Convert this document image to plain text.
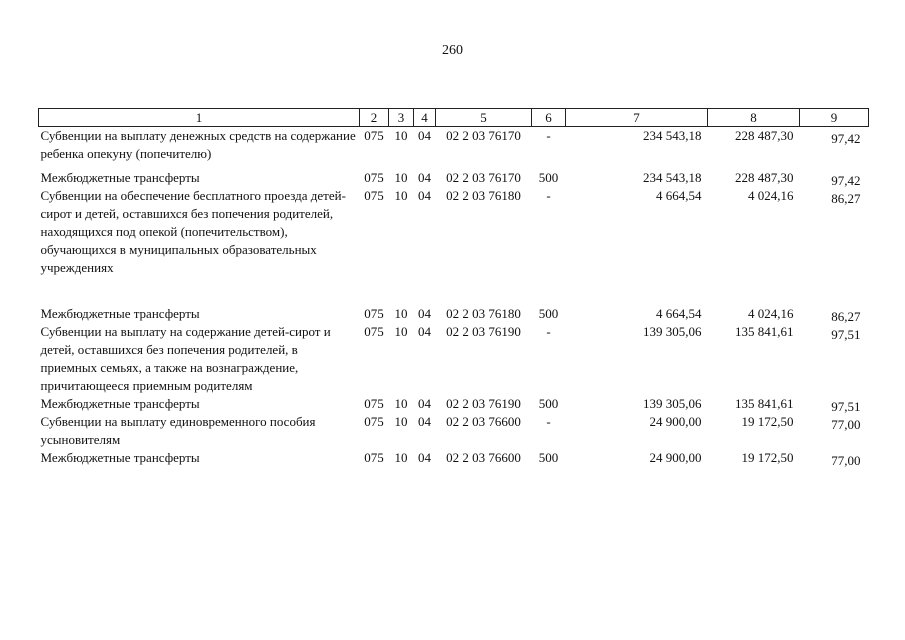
260
1	2	3	4	5	6	7	8	9
Субвенции на выплату денежных средств на содержание ребенка опекуну (попечителю)	075	10	04	02 2 03 76170	-	234 543,18	228 487,30	97,42
Межбюджетные трансферты	075	10	04	02 2 03 76170	500	234 543,18	228 487,30	97,42
Субвенции на обеспечение бесплатного проезда детей-сирот и детей, оставшихся без попечения родителей, находящихся под опекой (попечительством), обучающихся в муниципальных образовательных учреждениях	075	10	04	02 2 03 76180	-	4 664,54	4 024,16	86,27
Межбюджетные трансферты	075	10	04	02 2 03 76180	500	4 664,54	4 024,16	86,27
Субвенции на выплату на содержание детей-сирот и детей, оставшихся без попечения родителей, в приемных семьях, а также на вознаграждение, причитающееся приемным родителям	075	10	04	02 2 03 76190	-	139 305,06	135 841,61	97,51
Межбюджетные трансферты	075	10	04	02 2 03 76190	500	139 305,06	135 841,61	97,51
Субвенции на выплату единовременного пособия усыновителям	075	10	04	02 2 03 76600	-	24 900,00	19 172,50	77,00
Межбюджетные трансферты	075	10	04	02 2 03 76600	500	24 900,00	19 172,50	77,00
